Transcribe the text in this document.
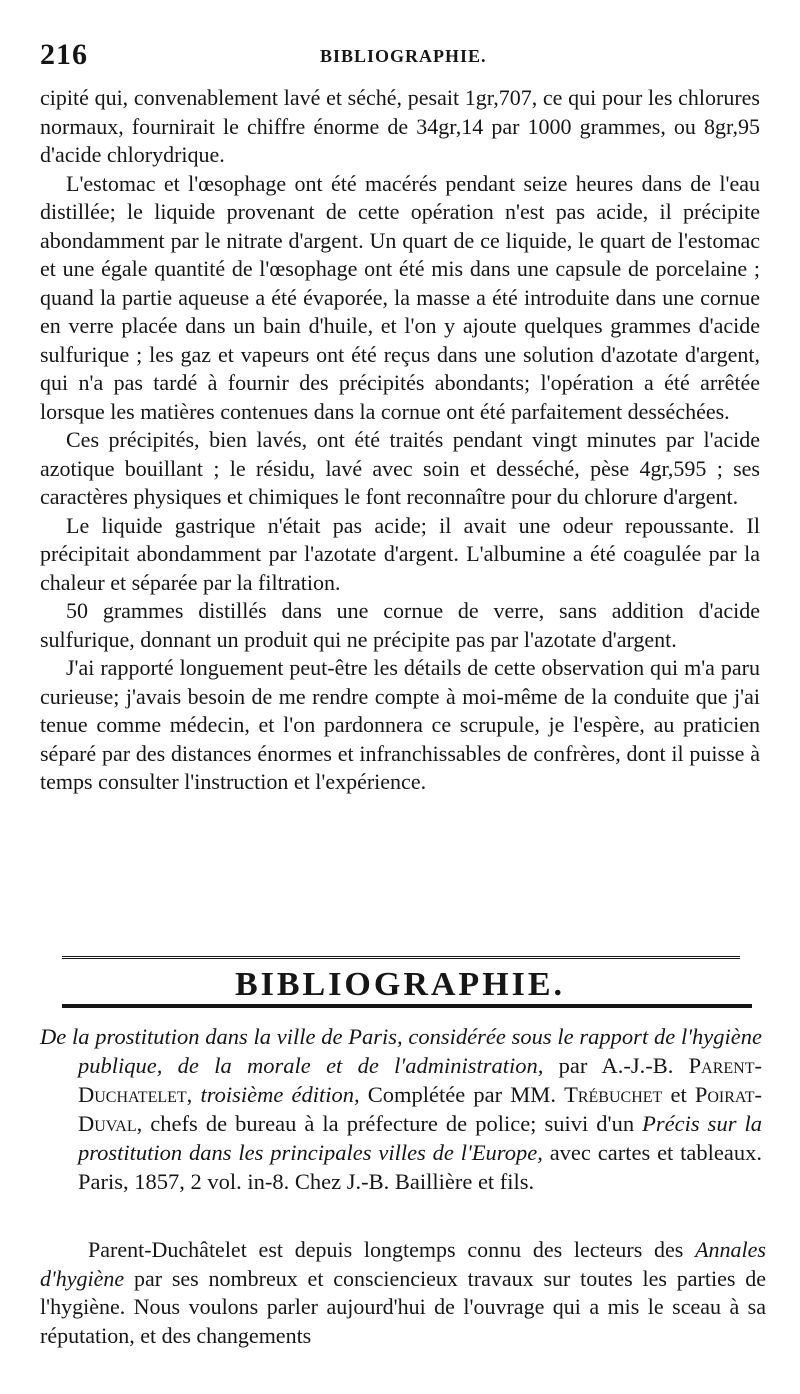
216	BIBLIOGRAPHIE.

cipité qui, convenablement lavé et séché, pesait 1gr,707, ce qui pour les chlorures normaux, fournirait le chiffre énorme de 34gr,14 par 1000 grammes, ou 8gr,95 d'acide chlorydrique.

L'estomac et l'œsophage ont été macérés pendant seize heures dans de l'eau distillée; le liquide provenant de cette opération n'est pas acide, il précipite abondamment par le nitrate d'argent. Un quart de ce liquide, le quart de l'estomac et une égale quantité de l'œsophage ont été mis dans une capsule de porcelaine ; quand la partie aqueuse a été évaporée, la masse a été introduite dans une cornue en verre placée dans un bain d'huile, et l'on y ajoute quelques grammes d'acide sulfurique ; les gaz et vapeurs ont été reçus dans une solution d'azotate d'argent, qui n'a pas tardé à fournir des précipités abondants; l'opération a été arrêtée lorsque les matières contenues dans la cornue ont été parfaitement desséchées.

Ces précipités, bien lavés, ont été traités pendant vingt minutes par l'acide azotique bouillant ; le résidu, lavé avec soin et desséché, pèse 4gr,595 ; ses caractères physiques et chimiques le font reconnaître pour du chlorure d'argent.

Le liquide gastrique n'était pas acide; il avait une odeur repoussante. Il précipitait abondamment par l'azotate d'argent. L'albumine a été coagulée par la chaleur et séparée par la filtration.

50 grammes distillés dans une cornue de verre, sans addition d'acide sulfurique, donnant un produit qui ne précipite pas par l'azotate d'argent.

J'ai rapporté longuement peut-être les détails de cette observation qui m'a paru curieuse; j'avais besoin de me rendre compte à moi-même de la conduite que j'ai tenue comme médecin, et l'on pardonnera ce scrupule, je l'espère, au praticien séparé par des distances énormes et infranchissables de confrères, dont il puisse à temps consulter l'instruction et l'expérience.

BIBLIOGRAPHIE.

De la prostitution dans la ville de Paris, considérée sous le rapport de l'hygiène publique, de la morale et de l'administration, par A.-J.-B. Parent-Duchatelet, troisième édition, Complétée par MM. Trébuchet et Poirat-Duval, chefs de bureau à la préfecture de police; suivi d'un Précis sur la prostitution dans les principales villes de l'Europe, avec cartes et tableaux. Paris, 1857, 2 vol. in-8. Chez J.-B. Baillière et fils.

Parent-Duchâtelet est depuis longtemps connu des lecteurs des Annales d'hygiène par ses nombreux et consciencieux travaux sur toutes les parties de l'hygiène. Nous voulons parler aujourd'hui de l'ouvrage qui a mis le sceau à sa réputation, et des changements
